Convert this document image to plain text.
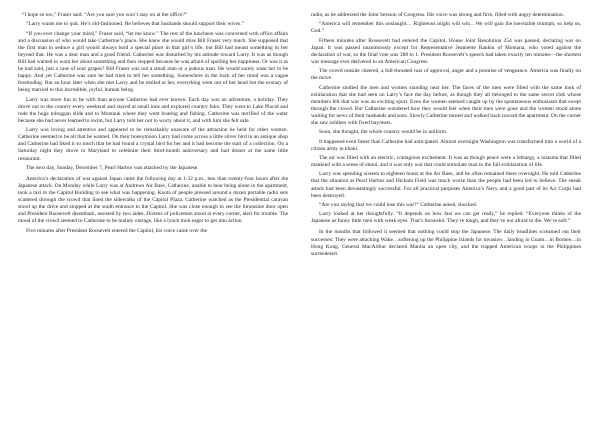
“I hope so too,” Fraser said. “Are you sure you won’t stay on at the office?”

“Larry wants me to quit. He’s old-fashioned. He believes that husbands should support their wives.”

“If you ever change your mind,” Fraser said, “let me know.” The rest of the luncheon was concerned with office affairs and a discussion of who would take Catherine’s place. She knew she would miss Bill Fraser very much. She supposed that the first man to seduce a girl would always hold a special place in that girl’s life, but Bill had meant something to her beyond that. He was a dear man and a good friend. Catherine was disturbed by his attitude toward Larry. It was as though Bill had wanted to warn her about something and then stopped because he was afraid of spoiling her happiness. Or was it as he had said, just a case of sour grapes? Bill Fraser was not a small man or a jealous man. He would surely want her to be happy. And yet Catherine was sure he had tried to tell her something. Somewhere in the back of her mind was a vague foreboding. But an hour later when she met Larry and he smiled at her, everything went out of her head but the ecstasy of being married to this incredible, joyful, human being.

Larry was more fun to be with than anyone Catherine had ever known. Each day was an adventure, a holiday. They drove out to the country every weekend and stayed at small inns and explored country fairs. They went to Lake Placid and rode the huge toboggan slide and to Montauk where they went boating and fishing. Catherine was terrified of the water because she had never learned to swim, but Larry told her not to worry about it, and with him she felt safe.

Larry was loving and attentive and appeared to be remarkably unaware of the attraction he held for other women. Catherine seemed to be all that he wanted. On their honeymoon Larry had come across a little silver bird in an antique shop and Catherine had liked it so much that he had found a crystal bird for her and it had become the start of a collection. On a Saturday night they drove to Maryland to celebrate their third-month anniversary and had dinner at the same little restaurant.

The next day, Sunday, December 7, Pearl Harbor was attacked by the Japanese.

America’s declaration of war against Japan came the following day at 1:32 p.m., less than twenty-four hours after the Japanese attack. On Monday while Larry was at Andrews Air Base, Catherine, unable to bear being alone in the apartment, took a taxi to the Capitol Building to see what was happening. Knots of people pressed around a dozen portable radio sets scattered through the crowd that lined the sidewalks of the Capitol Plaza. Catherine watched as the Presidential caravan stood up the drive and stopped at the south entrance to the Capitol. She was close enough to see the limousine door open and President Roosevelt disembark, assisted by two aides. Dozens of policemen stood at every corner, alert for trouble. The mood of the crowd seemed to Catherine to be mainly outrage, like a lynch mob eager to get into action.

Five minutes after President Roosevelt entered the Capitol, his voice came over the

radio, as he addressed the Joint Session of Congress. His voice was strong and firm, filled with angry determination.

“America will remember this onslaught… Righteous might will win…We will gain the inevitable triumph, so help us, God.”

Fifteen minutes after Roosevelt had entered the Capitol, House Joint Resolution 254 was passed, declaring war on Japan. It was passed unanimously except for Representative Jeannette Rankin of Montana, who voted against the declaration of war, so the final vote was 388 to 1. President Roosevelt’s speech had taken exactly ten minutes—the shortest war message ever delivered to an American Congress.

The crowd outside cheered, a full-throated roar of approval, anger and a promise of vengeance. America was finally on the move.

Catherine studied the men and women standing near her. The faces of the men were filled with the same look of exhilaration that she had seen on Larry’s face the day before, as though they all belonged to the same secret club whose members felt that war was an exciting sport. Even the women seemed caught up by the spontaneous enthusiasm that swept through the crowd. But Catherine wondered how they would feel when their men were gone and the women stood alone waiting for news of their husbands and sons. Slowly Catherine turned and walked back toward the apartment. On the corner she saw soldiers with fixed bayonets.

Soon, she thought, the whole country would be in uniform.

It happened even faster than Catherine had anticipated. Almost overnight Washington was transformed into a world of a citizen army in khaki.

The air was filled with an electric, contagious excitement. It was as though peace were a lethargy, a miasma that filled mankind with a sense of ennui, and it was only war that could stimulate man to the full exhilaration of life.

Larry was spending sixteen to eighteen hours at the Air Base, and he often remained there overnight. He told Catherine that the situation at Pearl Harbor and Hickam Field was much worse than the people had been led to believe. The sneak attack had been devastatingly successful. For all practical purposes America’s Navy and a good part of its Air Corps had been destroyed.

“Are you saying that we could lose this war?” Catherine asked, shocked.

Larry looked at her thoughtfully. “It depends on how fast we can get ready,” he replied. “Everyone thinks of the Japanese as funny little men with weak eyes. That’s horseshit. They’re tough, and they’re not afraid to die. We’re soft.”

In the months that followed it seemed that nothing could stop the Japanese. The daily headlines screamed out their successes: They were attacking Wake…softening up the Philippine Islands for invasion…landing in Guam…in Borneo…in Hong Kong. General MacArthur declared Manila an open city, and the trapped American troops in the Philippines surrendered.
